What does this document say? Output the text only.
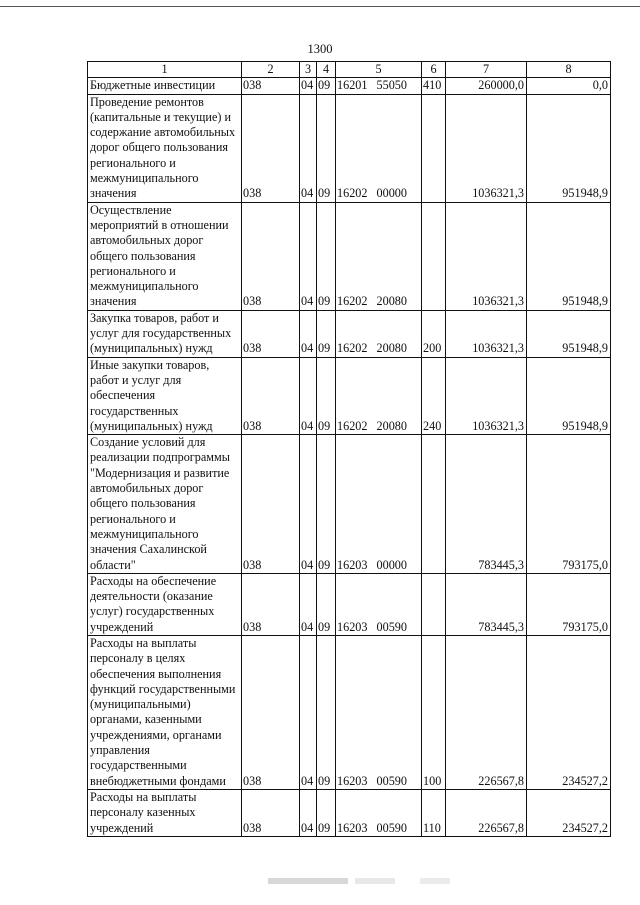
1300
1	2	3	4	5	6	7	8
Бюджетные инвестиции	038	04	09	16201 55050	410	260000,0	0,0
Проведение ремонтов (капитальные и текущие) и содержание автомобильных дорог общего пользования регионального и межмуниципального значения	038	04	09	16202 00000		1036321,3	951948,9
Осуществление мероприятий в отношении автомобильных дорог общего пользования регионального и межмуниципального значения	038	04	09	16202 20080		1036321,3	951948,9
Закупка товаров, работ и услуг для государственных (муниципальных) нужд	038	04	09	16202 20080	200	1036321,3	951948,9
Иные закупки товаров, работ и услуг для обеспечения государственных (муниципальных) нужд	038	04	09	16202 20080	240	1036321,3	951948,9
Создание условий для реализации подпрограммы "Модернизация и развитие автомобильных дорог общего пользования регионального и межмуниципального значения Сахалинской области"	038	04	09	16203 00000		783445,3	793175,0
Расходы на обеспечение деятельности (оказание услуг) государственных учреждений	038	04	09	16203 00590		783445,3	793175,0
Расходы на выплаты персоналу в целях обеспечения выполнения функций государственными (муниципальными) органами, казенными учреждениями, органами управления государственными внебюджетными фондами	038	04	09	16203 00590	100	226567,8	234527,2
Расходы на выплаты персоналу казенных учреждений	038	04	09	16203 00590	110	226567,8	234527,2
